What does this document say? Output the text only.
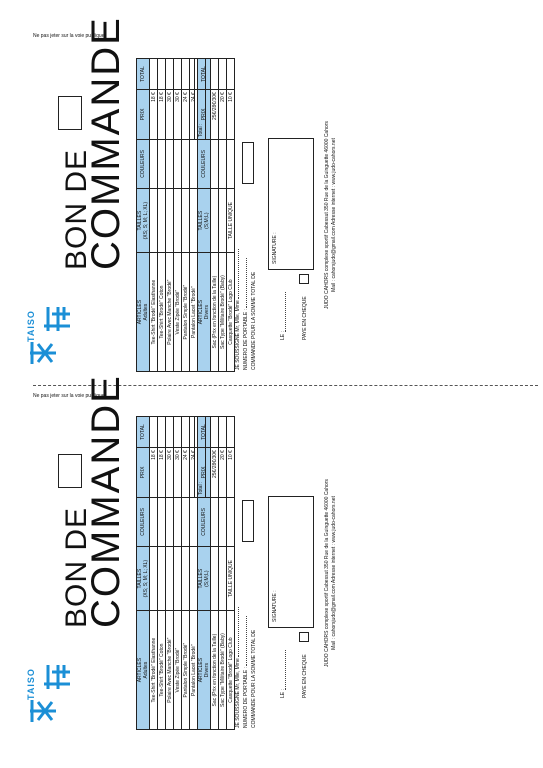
Ne pas jeter sur la voie publique
Ne pas jeter sur la voie publique
TAISO
BON DE
COMMANDE
ARTICLES Adultes	TAILLES (XS; S; M; L; XL)	COULEURS	PRIX	TOTAL
Tee-Shirt "Brodé" Elasthanne			18 €	
Tee-Shirt "Brodé" Coton			18 €	
Polaire Avec Manche "Brodé"			30 €	
Veste Zipée "Brodé"			30 €	
Pantalon Simple "Brodé"			24 €	
Pantalon Lacet "Brodé"			24 €	
ARTICLES Divers	TAILLES (S;M;L)	COULEURS	PRIX	TOTAL
Sac (Prix en fonction de la Taille)			25€/28€/30€	
Sac Type "Militaire Brodé" (Baby)			20 €	
Casquette "Brodé" Logo Club	TAILLE UNIQUE		10 €	
Total :
JE SOUSSIGNE Mr, Mlle, Mme NUMERO DE PORTABLE : COMMANDE POUR LA SOMME TOTAL DE	LE :
SIGNATURE :
PAYE EN CHEQUE
JUDO CAHORS complexe sportif Cabessut 350 Rue de la Guinguette 46000 Cahors Mail : cahorsjudo@gmail.com Adresse internet : www.judo-cahors.net
TAISO
BON DE
COMMANDE
ARTICLES Adultes	TAILLES (XS; S; M; L; XL)	COULEURS	PRIX	TOTAL
Tee-Shirt "Brodé" Elasthanne			18 €	
Tee-Shirt "Brodé" Coton			18 €	
Polaire Avec Manche "Brodé"			30 €	
Veste Zipée "Brodé"			30 €	
Pantalon Simple "Brodé"			24 €	
Pantalon Lacet "Brodé"			24 €	
ARTICLES Divers	TAILLES (S;M;L)	COULEURS	PRIX	TOTAL
Sac (Prix en fonction de la Taille)			25€/28€/30€	
Sac Type "Militaire Brodé" (Baby)			20 €	
Casquette "Brodé" Logo Club	TAILLE UNIQUE		10 €	
Total :
JE SOUSSIGNE Mr, Mlle, Mme NUMERO DE PORTABLE : COMMANDE POUR LA SOMME TOTAL DE	LE :
SIGNATURE :
PAYE EN CHEQUE
JUDO CAHORS complexe sportif Cabessut 350 Rue de la Guinguette 46000 Cahors Mail : cahorsjudo@gmail.com Adresse internet : www.judo-cahors.net
